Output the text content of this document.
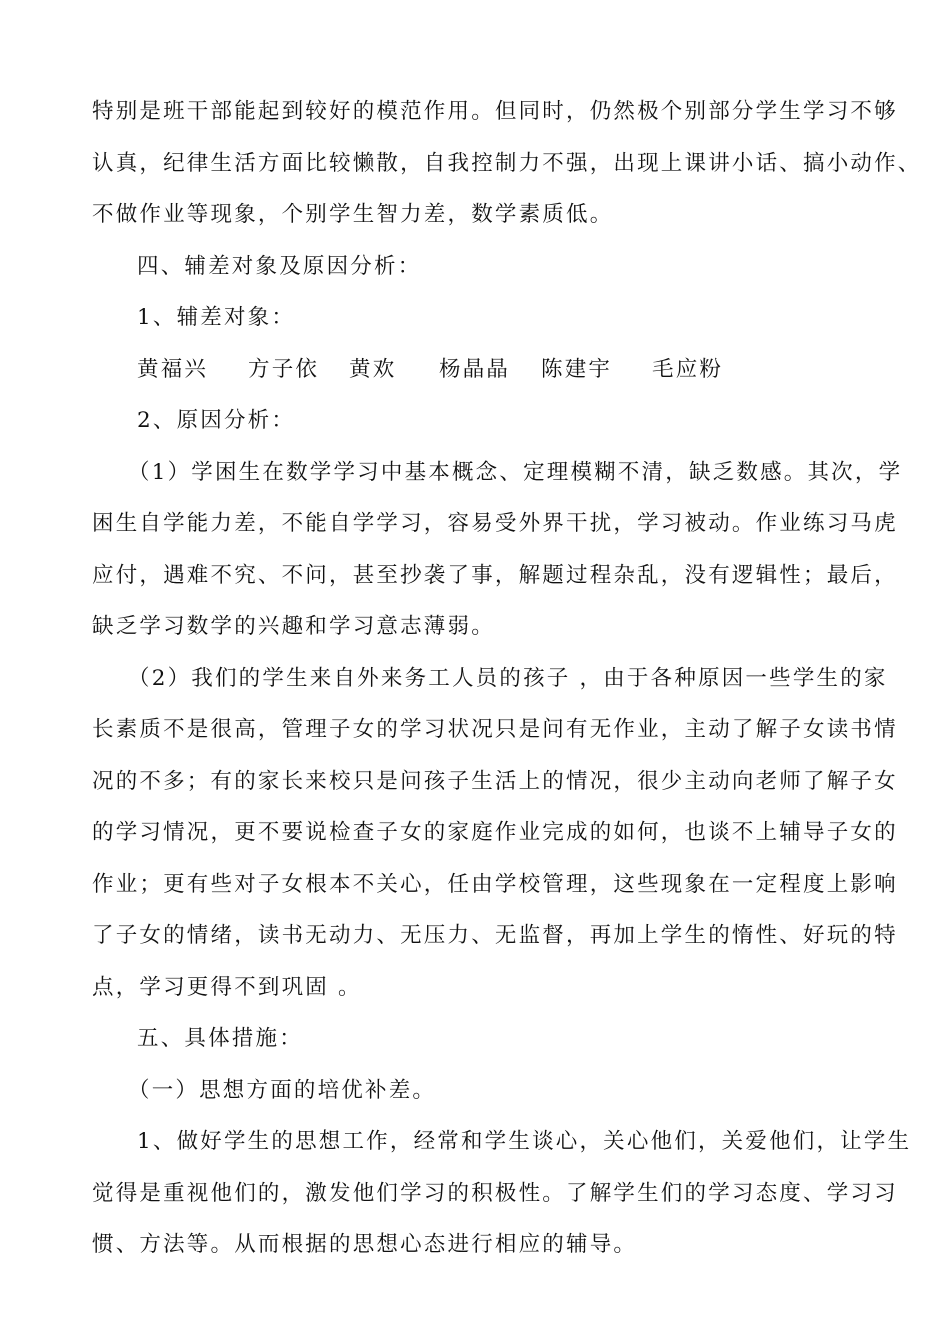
特别是班干部能起到较好的模范作用。但同时，仍然极个别部分学生学习不够
认真，纪律生活方面比较懒散，自我控制力不强，出现上课讲小话、搞小动作、
不做作业等现象，个别学生智力差，数学素质低。
四、辅差对象及原因分析：
1、辅差对象：
黄福兴 方子依 黄欢 杨晶晶 陈建宇 毛应粉
2、原因分析：
（1）学困生在数学学习中基本概念、定理模糊不清，缺乏数感。其次，学
困生自学能力差，不能自学学习，容易受外界干扰，学习被动。作业练习马虎
应付，遇难不究、不问，甚至抄袭了事，解题过程杂乱，没有逻辑性；最后，
缺乏学习数学的兴趣和学习意志薄弱。
（2）我们的学生来自外来务工人员的孩子 ，由于各种原因一些学生的家
长素质不是很高，管理子女的学习状况只是问有无作业，主动了解子女读书情
况的不多；有的家长来校只是问孩子生活上的情况，很少主动向老师了解子女
的学习情况，更不要说检查子女的家庭作业完成的如何，也谈不上辅导子女的
作业；更有些对子女根本不关心，任由学校管理，这些现象在一定程度上影响
了子女的情绪，读书无动力、无压力、无监督，再加上学生的惰性、好玩的特
点，学习更得不到巩固 。
五、具体措施：
（一）思想方面的培优补差。
1、做好学生的思想工作，经常和学生谈心，关心他们，关爱他们，让学生
觉得是重视他们的，激发他们学习的积极性。了解学生们的学习态度、学习习
惯、方法等。从而根据的思想心态进行相应的辅导。
